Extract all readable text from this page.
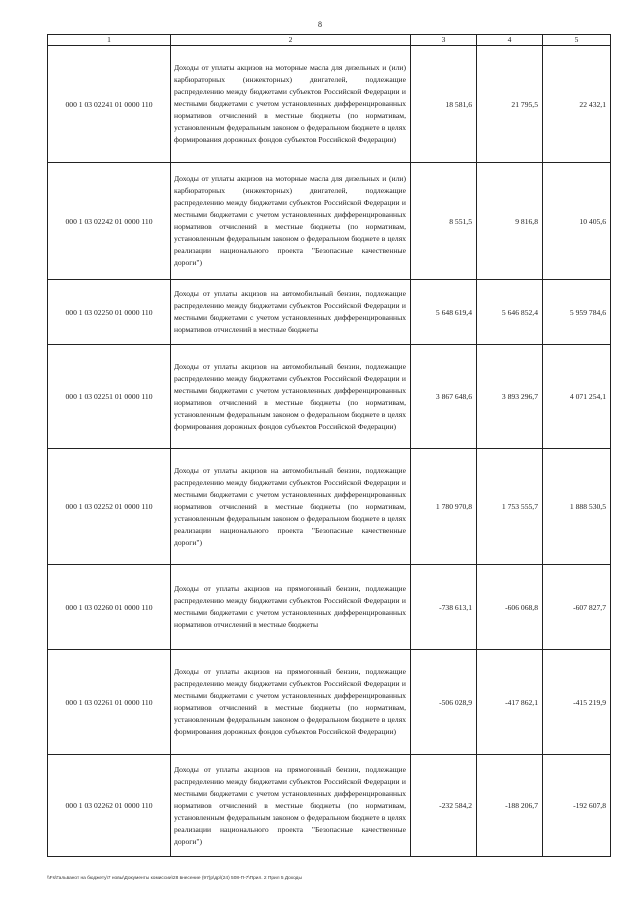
8
1	2	3	4	5
000 1 03 02241 01 0000 110	Доходы от уплаты акцизов на моторные масла для дизельных и (или) карбюраторных (инжекторных) двигателей, подлежащие распределению между бюджетами субъектов Российской Федерации и местными бюджетами с учетом установленных дифференцированных нормативов отчислений в местные бюджеты (по нормативам, установленным федеральным законом о федеральном бюджете в целях формирования дорожных фондов субъектов Российской Федерации)	18 581,6	21 795,5	22 432,1
000 1 03 02242 01 0000 110	Доходы от уплаты акцизов на моторные масла для дизельных и (или) карбюраторных (инжекторных) двигателей, подлежащие распределению между бюджетами субъектов Российской Федерации и местными бюджетами с учетом установленных дифференцированных нормативов отчислений в местные бюджеты (по нормативам, установленным федеральным законом о федеральном бюджете в целях реализации национального проекта "Безопасные качественные дороги")	8 551,5	9 816,8	10 405,6
000 1 03 02250 01 0000 110	Доходы от уплаты акцизов на автомобильный бензин, подлежащие распределению между бюджетами субъектов Российской Федерации и местными бюджетами с учетом установленных дифференцированных нормативов отчислений в местные бюджеты	5 648 619,4	5 646 852,4	5 959 784,6
000 1 03 02251 01 0000 110	Доходы от уплаты акцизов на автомобильный бензин, подлежащие распределению между бюджетами субъектов Российской Федерации и местными бюджетами с учетом установленных дифференцированных нормативов отчислений в местные бюджеты (по нормативам, установленным федеральным законом о федеральном бюджете в целях формирования дорожных фондов субъектов Российской Федерации)	3 867 648,6	3 893 296,7	4 071 254,1
000 1 03 02252 01 0000 110	Доходы от уплаты акцизов на автомобильный бензин, подлежащие распределению между бюджетами субъектов Российской Федерации и местными бюджетами с учетом установленных дифференцированных нормативов отчислений в местные бюджеты (по нормативам, установленным федеральным законом о федеральном бюджете в целях реализации национального проекта "Безопасные качественные дороги")	1 780 970,8	1 753 555,7	1 888 530,5
000 1 03 02260 01 0000 110	Доходы от уплаты акцизов на прямогонный бензин, подлежащие распределению между бюджетами субъектов Российской Федерации и местными бюджетами с учетом установленных дифференцированных нормативов отчислений в местные бюджеты	-738 613,1	-606 068,8	-607 827,7
000 1 03 02261 01 0000 110	Доходы от уплаты акцизов на прямогонный бензин, подлежащие распределению между бюджетами субъектов Российской Федерации и местными бюджетами с учетом установленных дифференцированных нормативов отчислений в местные бюджеты (по нормативам, установленным федеральным законом о федеральном бюджете в целях формирования дорожных фондов субъектов Российской Федерации)	-506 028,9	-417 862,1	-415 219,9
000 1 03 02262 01 0000 110	Доходы от уплаты акцизов на прямогонный бензин, подлежащие распределению между бюджетами субъектов Российской Федерации и местными бюджетами с учетом установленных дифференцированных нормативов отчислений в местные бюджеты (по нормативам, установленным федеральным законом о федеральном бюджете в целях реализации национального проекта "Безопасные качественные дороги")	-232 584,2	-188 206,7	-192 607,8
\\Fs\Гальванот на бюджету\7 новы\Документы комиссии\28 внесение (97)р\др\(24) 508-П-7\Прил. 2 Прил 5 Доходы
